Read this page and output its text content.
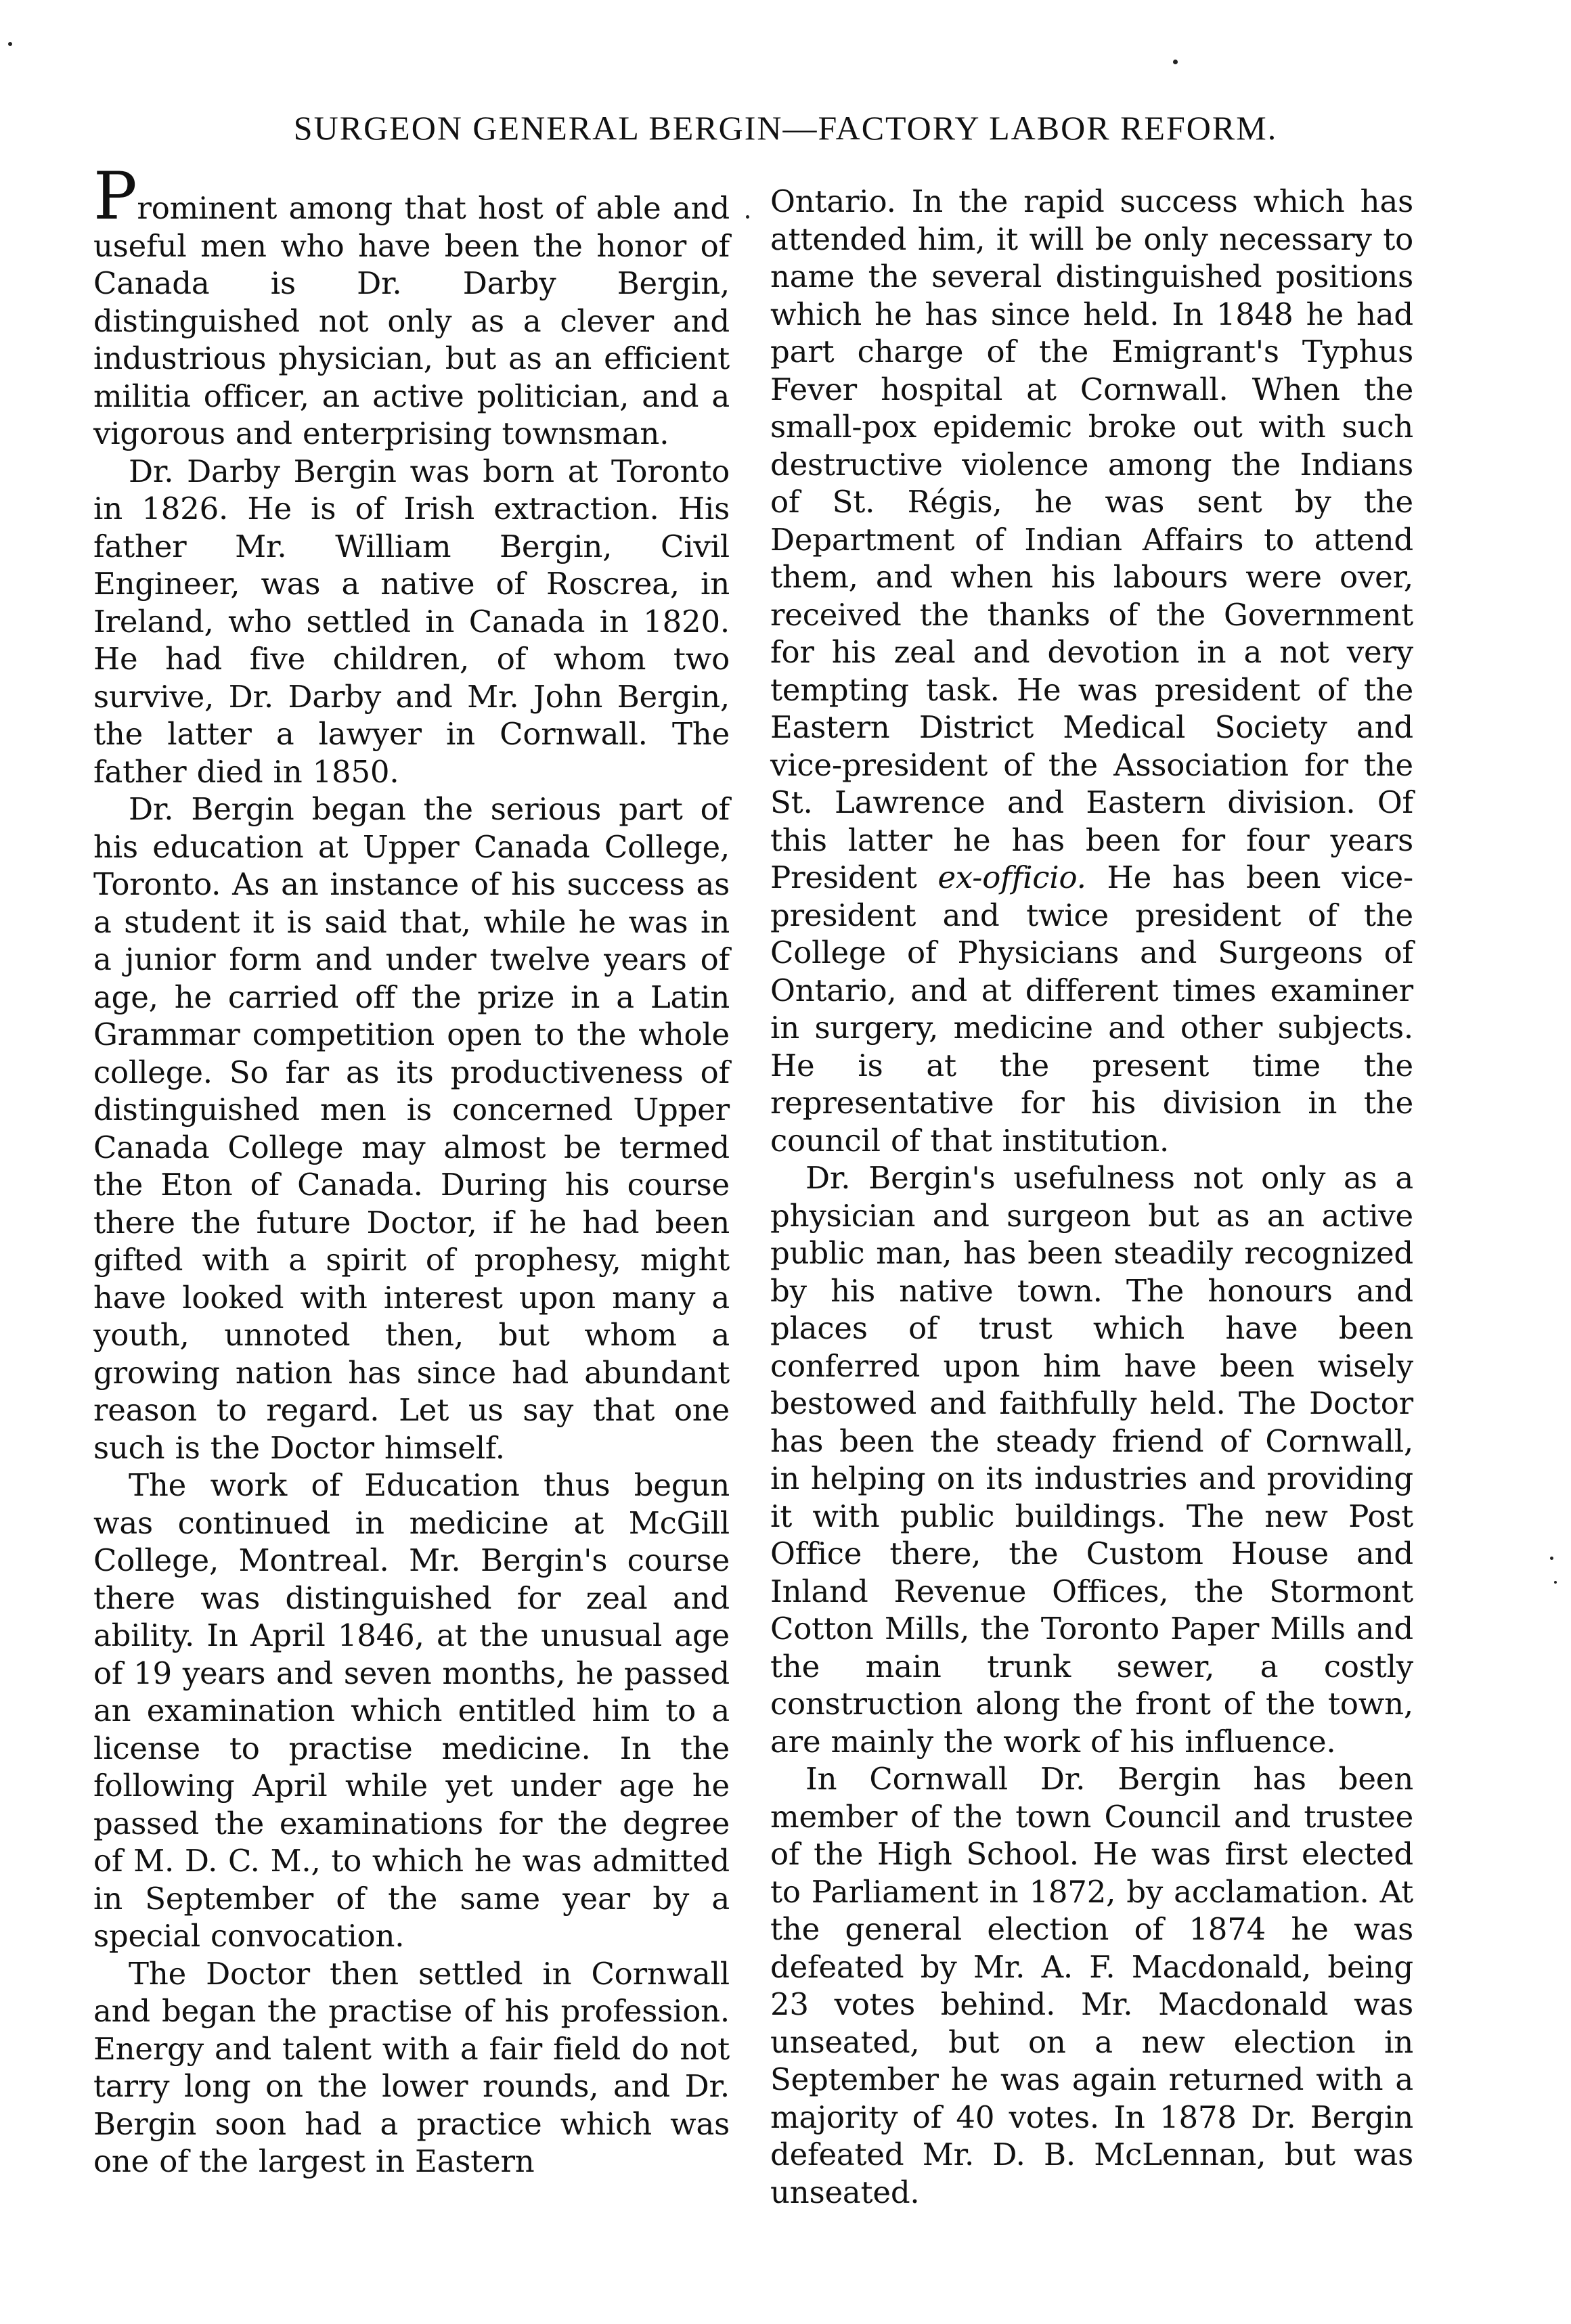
SURGEON GENERAL BERGIN—FACTORY LABOR REFORM.

Prominent among that host of able and useful men who have been the honor of Canada is Dr. Darby Bergin, distinguished not only as a clever and industrious physician, but as an efficient militia officer, an active politician, and a vigorous and enterprising townsman.

Dr. Darby Bergin was born at Toronto in 1826. He is of Irish extraction. His father Mr. William Bergin, Civil Engineer, was a native of Roscrea, in Ireland, who settled in Canada in 1820. He had five children, of whom two survive, Dr. Darby and Mr. John Bergin, the latter a lawyer in Cornwall. The father died in 1850.

Dr. Bergin began the serious part of his education at Upper Canada College, Toronto. As an instance of his success as a student it is said that, while he was in a junior form and under twelve years of age, he carried off the prize in a Latin Grammar competition open to the whole college. So far as its productiveness of distinguished men is concerned Upper Canada College may almost be termed the Eton of Canada. During his course there the future Doctor, if he had been gifted with a spirit of prophesy, might have looked with interest upon many a youth, unnoted then, but whom a growing nation has since had abundant reason to regard. Let us say that one such is the Doctor himself.

The work of Education thus begun was continued in medicine at McGill College, Montreal. Mr. Bergin's course there was distinguished for zeal and ability. In April 1846, at the unusual age of 19 years and seven months, he passed an examination which entitled him to a license to practise medicine. In the following April while yet under age he passed the examinations for the degree of M. D. C. M., to which he was admitted in September of the same year by a special convocation.

The Doctor then settled in Cornwall and began the practise of his profession. Energy and talent with a fair field do not tarry long on the lower rounds, and Dr. Bergin soon had a practice which was one of the largest in Eastern

Ontario. In the rapid success which has attended him, it will be only necessary to name the several distinguished positions which he has since held. In 1848 he had part charge of the Emigrant's Typhus Fever hospital at Cornwall. When the small-pox epidemic broke out with such destructive violence among the Indians of St. Régis, he was sent by the Department of Indian Affairs to attend them, and when his labours were over, received the thanks of the Government for his zeal and devotion in a not very tempting task. He was president of the Eastern District Medical Society and vice-president of the Association for the St. Lawrence and Eastern division. Of this latter he has been for four years President ex-officio. He has been vice-president and twice president of the College of Physicians and Surgeons of Ontario, and at different times examiner in surgery, medicine and other subjects. He is at the present time the representative for his division in the council of that institution.

Dr. Bergin's usefulness not only as a physician and surgeon but as an active public man, has been steadily recognized by his native town. The honours and places of trust which have been conferred upon him have been wisely bestowed and faithfully held. The Doctor has been the steady friend of Cornwall, in helping on its industries and providing it with public buildings. The new Post Office there, the Custom House and Inland Revenue Offices, the Stormont Cotton Mills, the Toronto Paper Mills and the main trunk sewer, a costly construction along the front of the town, are mainly the work of his influence.

In Cornwall Dr. Bergin has been member of the town Council and trustee of the High School. He was first elected to Parliament in 1872, by acclamation. At the general election of 1874 he was defeated by Mr. A. F. Macdonald, being 23 votes behind. Mr. Macdonald was unseated, but on a new election in September he was again returned with a majority of 40 votes. In 1878 Dr. Bergin defeated Mr. D. B. McLennan, but was unseated.
